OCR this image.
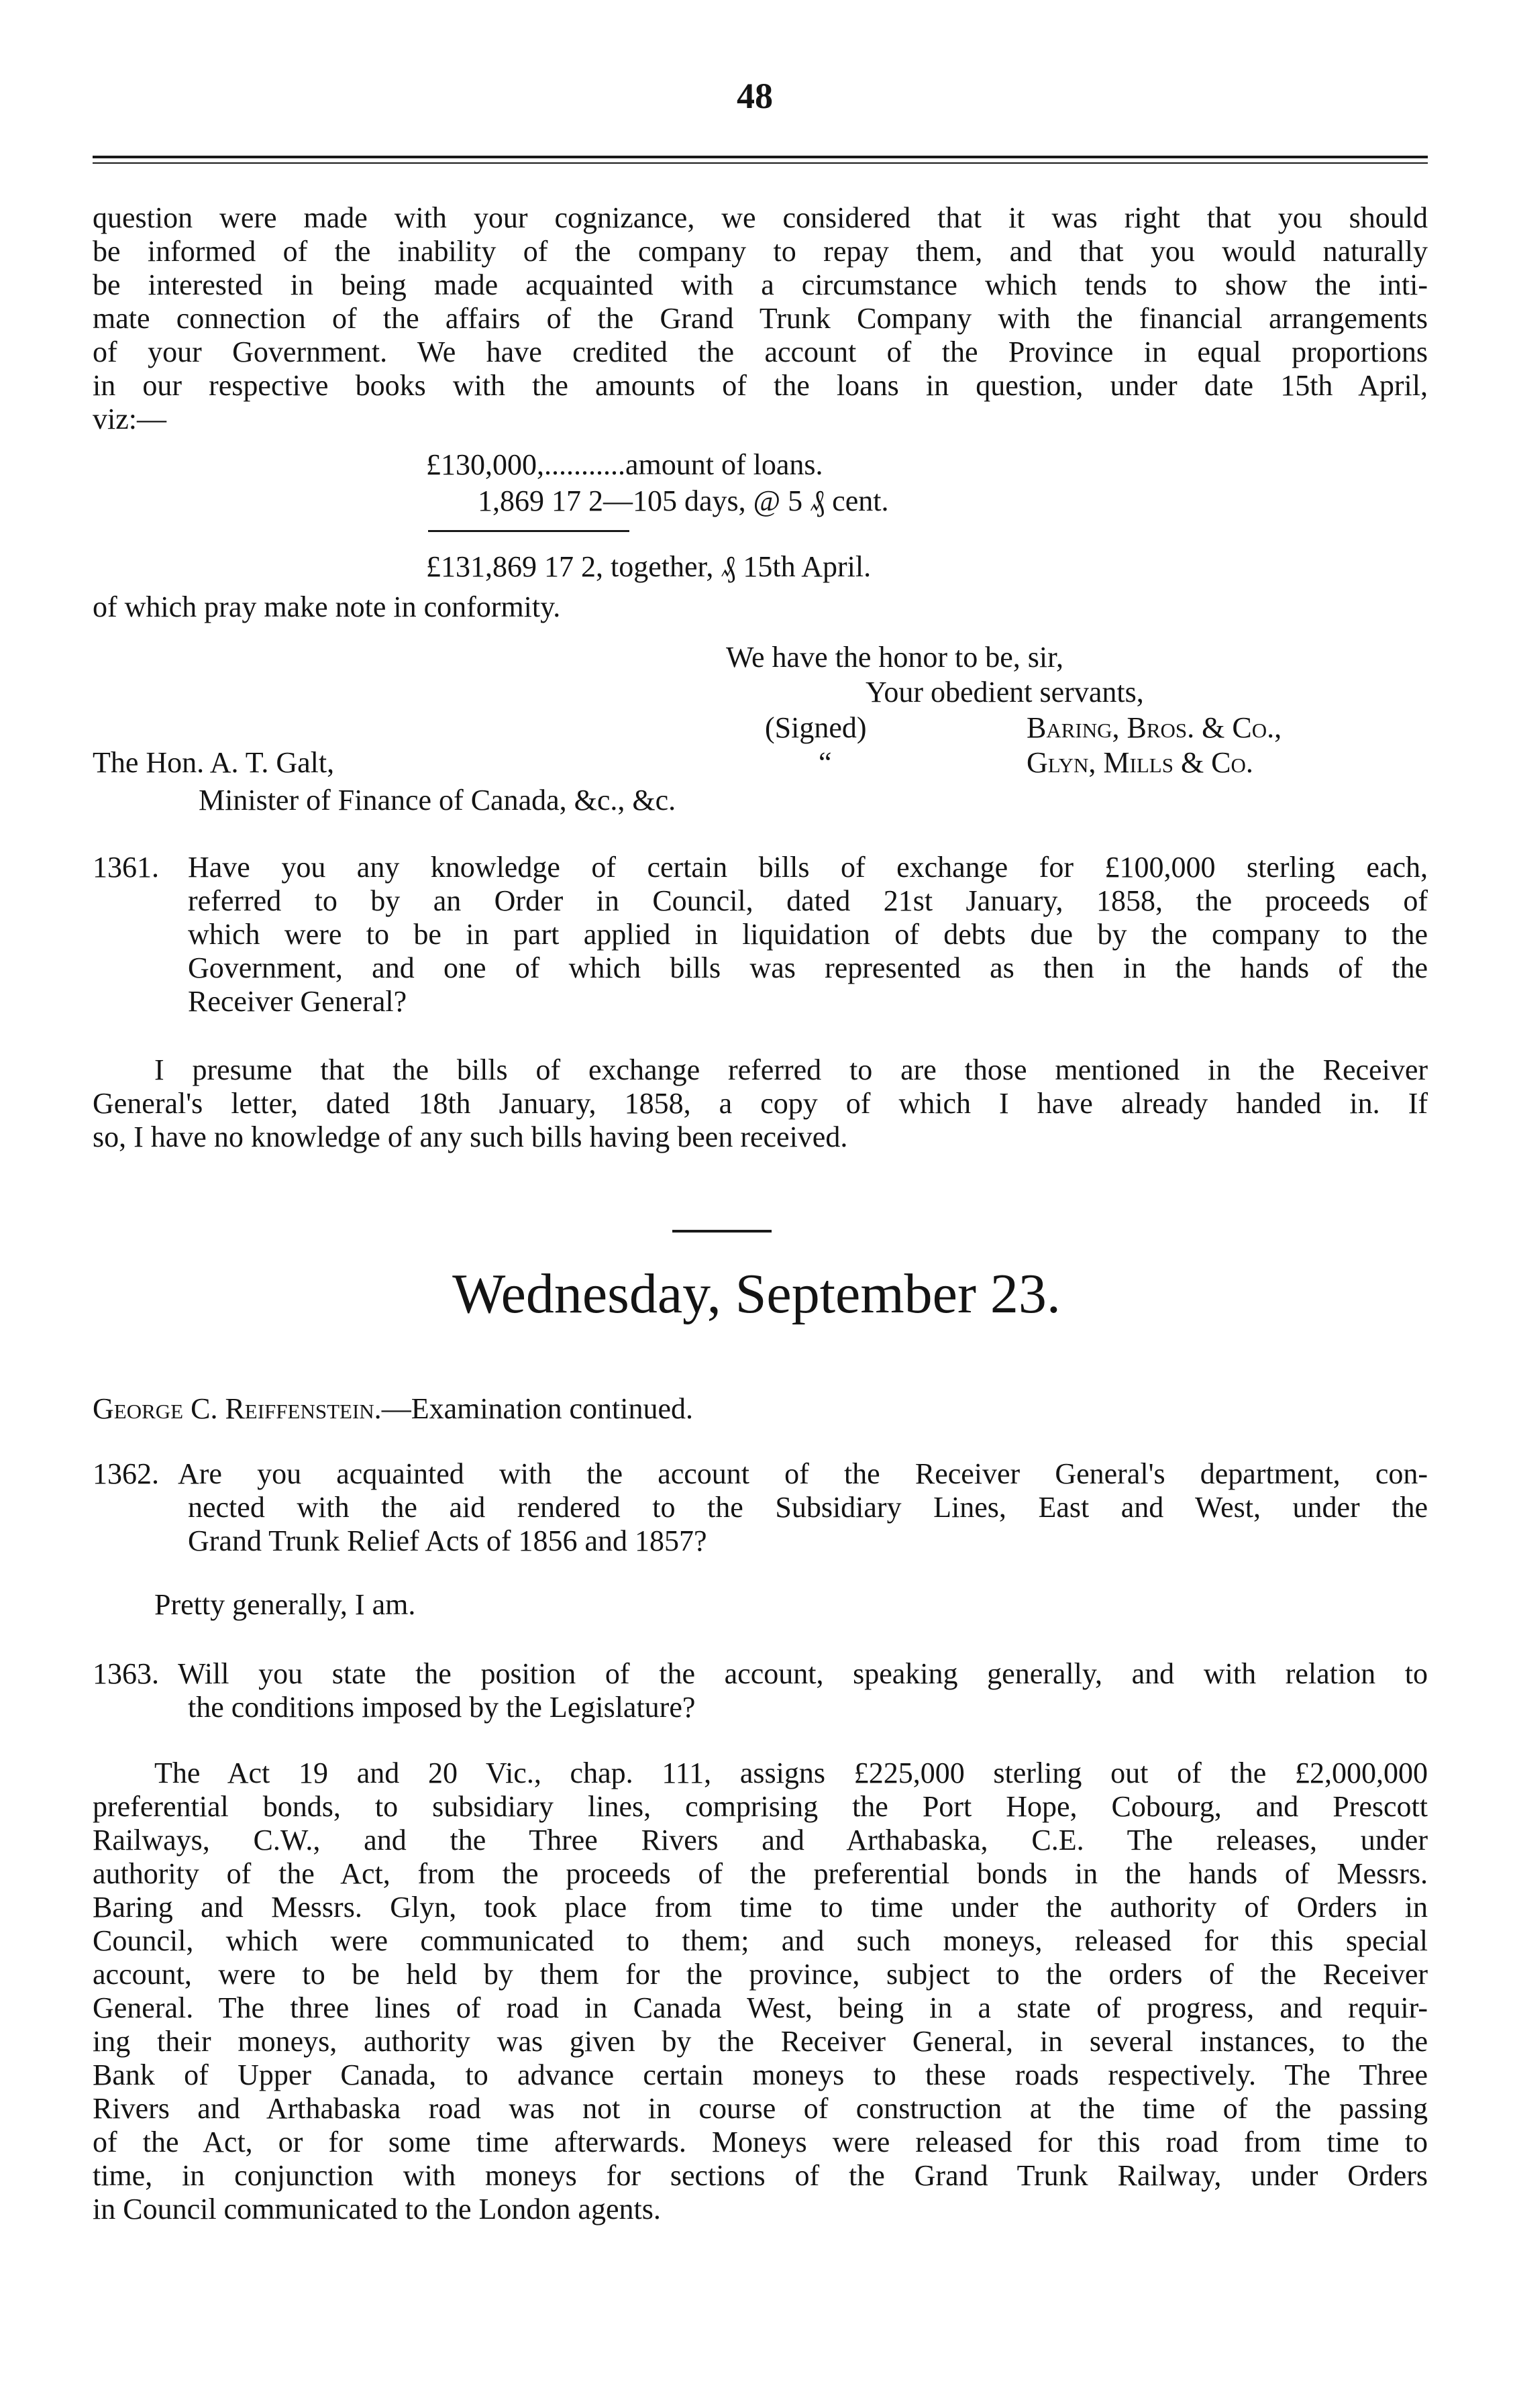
48
question were made with your cognizance, we considered that it was right that you should
be informed of the inability of the company to repay them, and that you would naturally
be interested in being made acquainted with a circumstance which tends to show the inti-
mate connection of the affairs of the Grand Trunk Company with the financial arrangements
of your Government. We have credited the account of the Province in equal proportions
in our respective books with the amounts of the loans in question, under date 15th April,
viz:—
£130,000,...........amount of loans.
1,869 17 2—105 days, @ 5 ₰ cent.
£131,869 17 2, together, ₰ 15th April.
of which pray make note in conformity.
We have the honor to be, sir,
Your obedient servants,
(Signed)	Baring, Bros. & Co.,
The Hon. A. T. Galt,	“	Glyn, Mills & Co.
Minister of Finance of Canada, &c., &c.
1361. Have you any knowledge of certain bills of exchange for £100,000 sterling each,
referred to by an Order in Council, dated 21st January, 1858, the proceeds of
which were to be in part applied in liquidation of debts due by the company to the
Government, and one of which bills was represented as then in the hands of the
Receiver General?
I presume that the bills of exchange referred to are those mentioned in the Receiver
General's letter, dated 18th January, 1858, a copy of which I have already handed in. If
so, I have no knowledge of any such bills having been received.
Wednesday, September 23.
George C. Reiffenstein.—Examination continued.
1362. Are you acquainted with the account of the Receiver General's department, con-
nected with the aid rendered to the Subsidiary Lines, East and West, under the
Grand Trunk Relief Acts of 1856 and 1857?
Pretty generally, I am.
1363. Will you state the position of the account, speaking generally, and with relation to
the conditions imposed by the Legislature?
The Act 19 and 20 Vic., chap. 111, assigns £225,000 sterling out of the £2,000,000
preferential bonds, to subsidiary lines, comprising the Port Hope, Cobourg, and Prescott
Railways, C.W., and the Three Rivers and Arthabaska, C.E. The releases, under
authority of the Act, from the proceeds of the preferential bonds in the hands of Messrs.
Baring and Messrs. Glyn, took place from time to time under the authority of Orders in
Council, which were communicated to them; and such moneys, released for this special
account, were to be held by them for the province, subject to the orders of the Receiver
General. The three lines of road in Canada West, being in a state of progress, and requir-
ing their moneys, authority was given by the Receiver General, in several instances, to the
Bank of Upper Canada, to advance certain moneys to these roads respectively. The Three
Rivers and Arthabaska road was not in course of construction at the time of the passing
of the Act, or for some time afterwards. Moneys were released for this road from time to
time, in conjunction with moneys for sections of the Grand Trunk Railway, under Orders
in Council communicated to the London agents.
